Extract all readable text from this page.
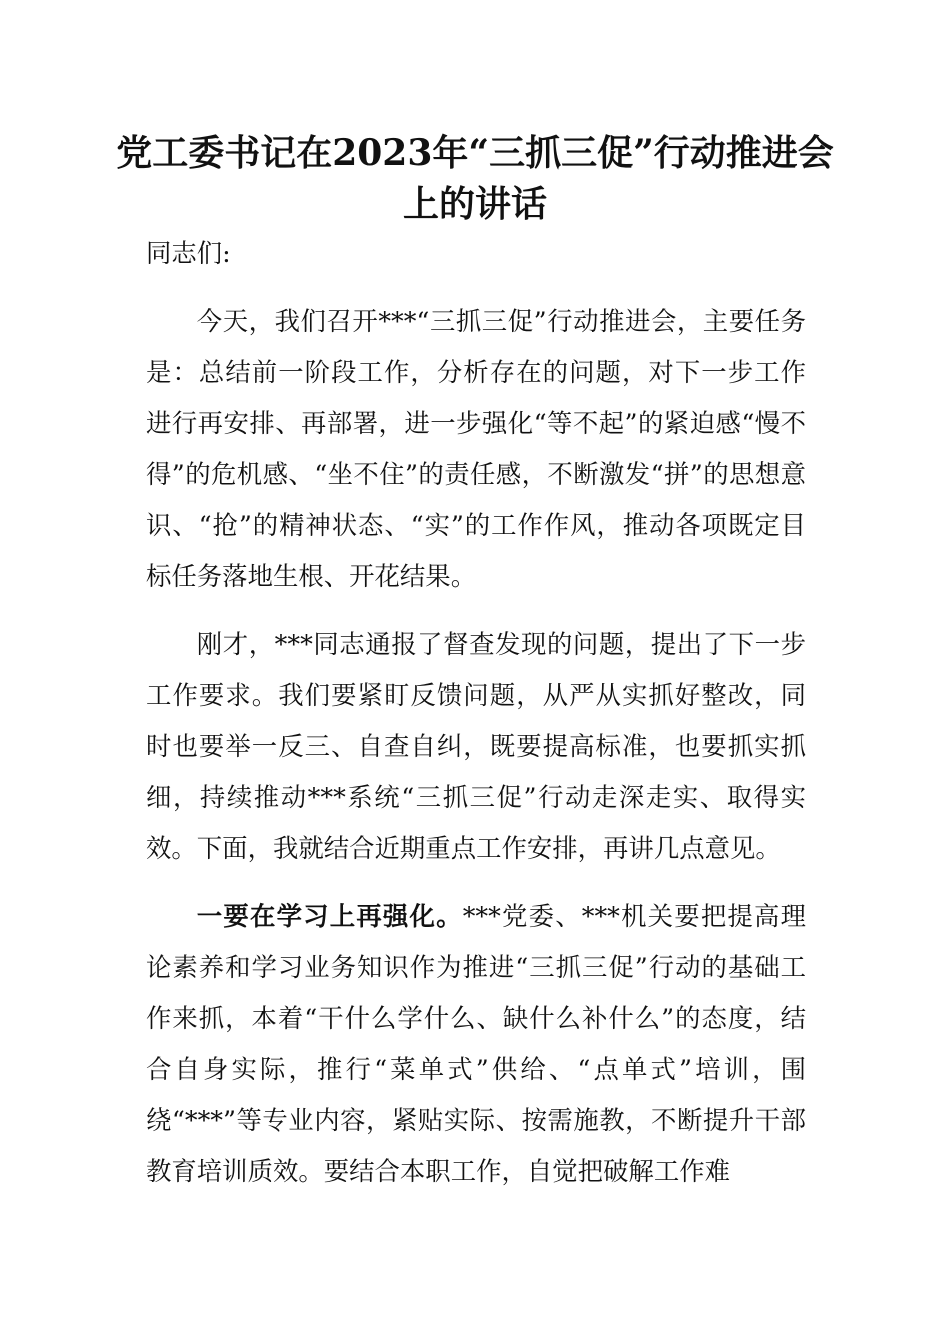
党工委书记在2023年“三抓三促”行动推进会上的讲话

同志们:

今天，我们召开***“三抓三促”行动推进会，主要任务是：总结前一阶段工作，分析存在的问题，对下一步工作进行再安排、再部署，进一步强化“等不起”的紧迫感“慢不得”的危机感、“坐不住”的责任感，不断激发“拼”的思想意识、“抢”的精神状态、“实”的工作作风，推动各项既定目标任务落地生根、开花结果。

刚才，***同志通报了督查发现的问题，提出了下一步工作要求。我们要紧盯反馈问题，从严从实抓好整改，同时也要举一反三、自查自纠，既要提高标准，也要抓实抓细，持续推动***系统“三抓三促”行动走深走实、取得实效。下面，我就结合近期重点工作安排，再讲几点意见。

一要在学习上再强化。***党委、***机关要把提高理论素养和学习业务知识作为推进“三抓三促”行动的基础工作来抓，本着“干什么学什么、缺什么补什么”的态度，结合自身实际，推行“菜单式”供给、“点单式”培训，围绕“***”等专业内容，紧贴实际、按需施教，不断提升干部教育培训质效。要结合本职工作，自觉把破解工作难
